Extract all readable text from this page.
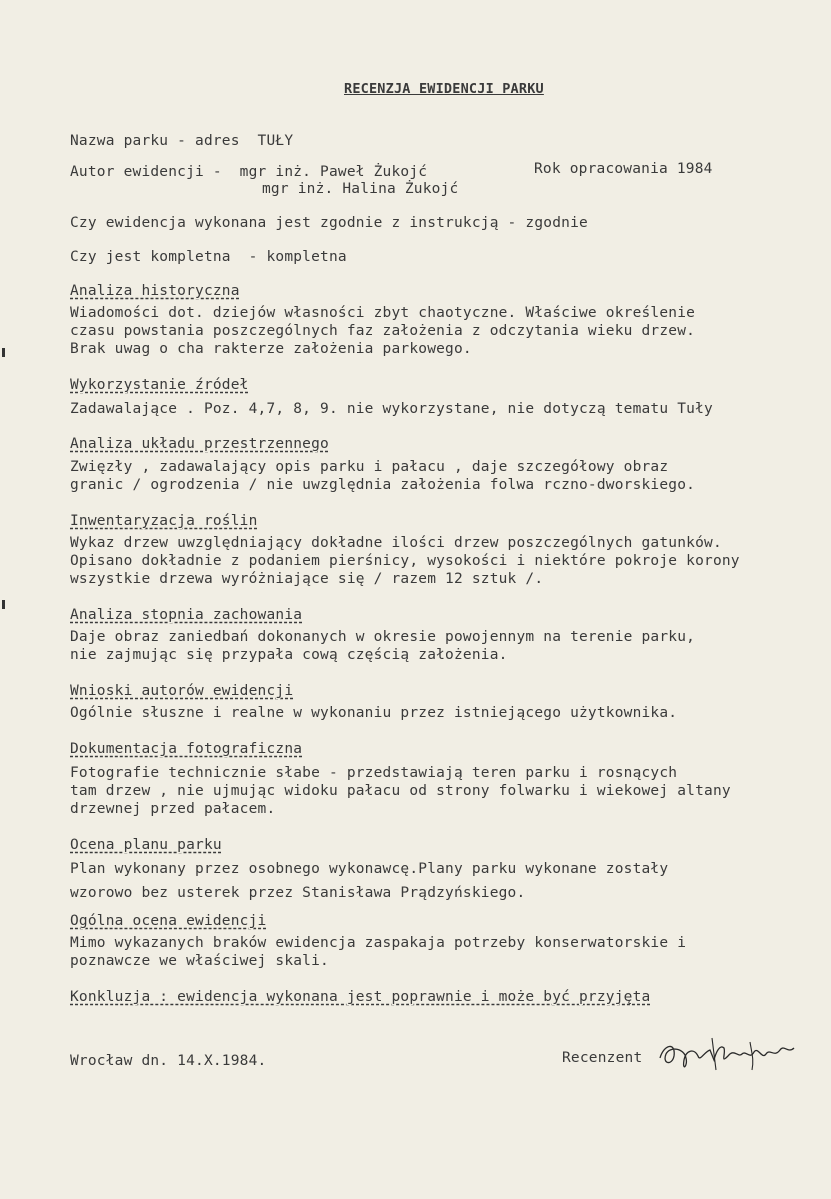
RECENZJA EWIDENCJI PARKU
Nazwa parku - adres  TUŁY
Autor ewidencji -  mgr inż. Paweł Żukojć
mgr inż. Halina Żukojć
Rok opracowania 1984
Czy ewidencja wykonana jest zgodnie z instrukcją - zgodnie
Czy jest kompletna  - kompletna
Analiza historyczna
Wiadomości dot. dziejów własności zbyt chaotyczne. Właściwe określenie
czasu powstania poszczególnych faz założenia z odczytania wieku drzew.
Brak uwag o cha rakterze założenia parkowego.
Wykorzystanie źródeł
Zadawalające . Poz. 4,7, 8, 9. nie wykorzystane, nie dotyczą tematu Tuły
Analiza układu przestrzennego
Zwięzły , zadawalający opis parku i pałacu , daje szczegółowy obraz
granic / ogrodzenia / nie uwzględnia założenia folwa rczno-dworskiego.
Inwentaryzacja roślin
Wykaz drzew uwzględniający dokładne ilości drzew poszczególnych gatunków.
Opisano dokładnie z podaniem pierśnicy, wysokości i niektóre pokroje korony
wszystkie drzewa wyróżniające się / razem 12 sztuk /.
Analiza stopnia zachowania
Daje obraz zaniedbań dokonanych w okresie powojennym na terenie parku,
nie zajmując się przypała cową częścią założenia.
Wnioski autorów ewidencji
Ogólnie słuszne i realne w wykonaniu przez istniejącego użytkownika.
Dokumentacja fotograficzna
Fotografie technicznie słabe - przedstawiają teren parku i rosnących
tam drzew , nie ujmując widoku pałacu od strony folwarku i wiekowej altany
drzewnej przed pałacem.
Ocena planu parku
Plan wykonany przez osobnego wykonawcę.Plany parku wykonane zostały
wzorowo bez usterek przez Stanisława Prądzyńskiego.
Ogólna ocena ewidencji
Mimo wykazanych braków ewidencja zaspakaja potrzeby konserwatorskie i
poznawcze we właściwej skali.
Konkluzja : ewidencja wykonana jest poprawnie i może być przyjęta
Wrocław dn. 14.X.1984.	Recenzent
